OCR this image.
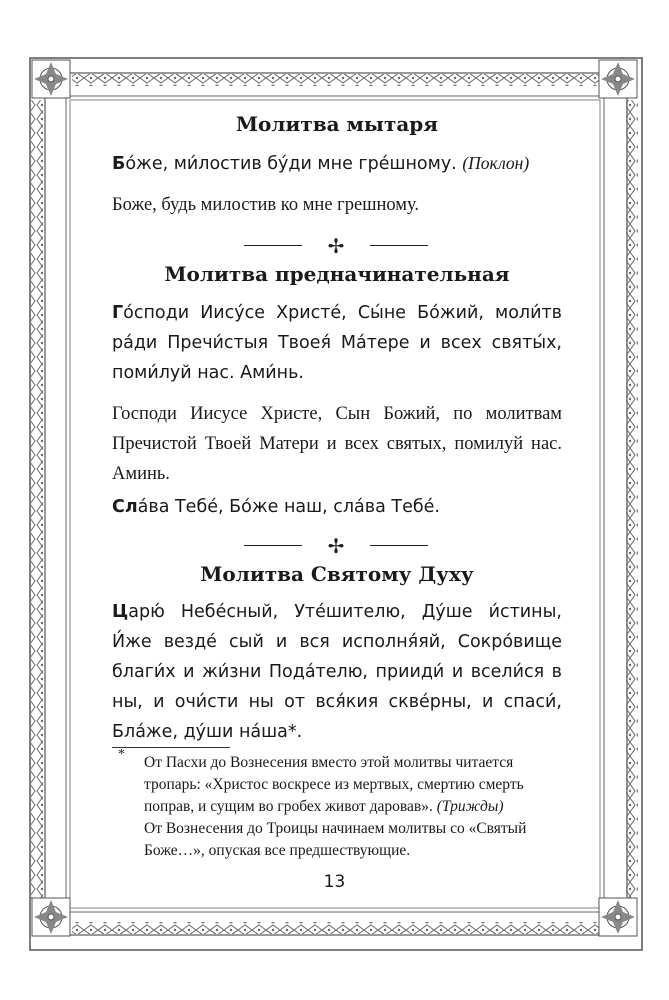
Молитва мытаря

Бо́же, ми́лостив бу́ди мне гре́шному. (Поклон)

Боже, будь милостив ко мне грешному.

✢
Молитва предначинательная

Го́споди Иису́се Христе́, Сы́не Бо́жий, моли́тв ра́ди Пречи́стыя Твоея́ Ма́тере и всех святы́х, поми́луй нас. Ами́нь.

Господи Иисусе Христе, Сын Божий, по молитвам Пречистой Твоей Матери и всех святых, помилуй нас. Аминь.

Сла́ва Тебе́, Бо́же наш, сла́ва Тебе́.

✢
Молитва Святому Духу

Царю́ Небе́сный, Уте́шителю, Ду́ше и́стины, И́же везде́ сый и вся исполня́яй, Сокро́вище благи́х и жи́зни Пода́телю, прииди́ и всели́ся в ны, и очи́сти ны от вся́кия скве́рны, и спаси́, Бла́же, ду́ши на́ша*.

* От Пасхи до Вознесения вместо этой молитвы читается тропарь: «Христос воскресе из мертвых, смертию смерть поправ, и сущим во гробех живот даровав». (Трижды)

От Вознесения до Троицы начинаем молитвы со «Святый Боже…», опуская все предшествующие.

13
